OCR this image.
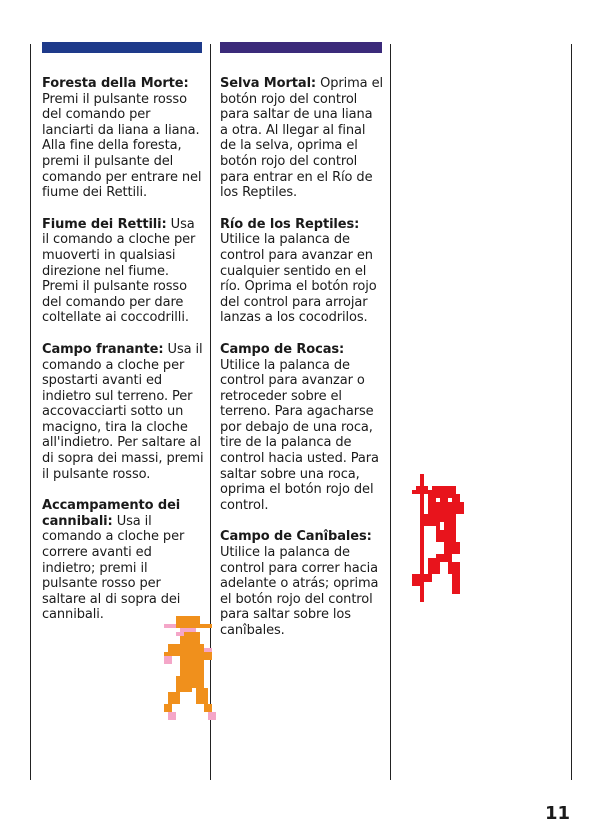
Foresta della Morte: Premi il pulsante rosso del comando per lanciarti da liana a liana. Alla fine della foresta, premi il pulsante del comando per entrare nel fiume dei Rettili.

Fiume dei Rettili: Usa il comando a cloche per muoverti in qualsiasi direzione nel fiume. Premi il pulsante rosso del comando per dare coltellate ai coccodrilli.

Campo franante: Usa il comando a cloche per spostarti avanti ed indietro sul terreno. Per accovacciarti sotto un macigno, tira la cloche all'indietro. Per saltare al di sopra dei massi, premi il pulsante rosso.

Accampamento dei cannibali: Usa il comando a cloche per correre avanti ed indietro; premi il pulsante rosso per saltare al di sopra dei cannibali.

Selva Mortal: Oprima el botón rojo del control para saltar de una liana a otra. Al llegar al final de la selva, oprima el botón rojo del control para entrar en el Río de los Reptiles.

Río de los Reptiles: Utilice la palanca de control para avanzar en cualquier sentido en el río. Oprima el botón rojo del control para arrojar lanzas a los cocodrilos.

Campo de Rocas: Utilice la palanca de control para avanzar o retroceder sobre el terreno. Para agacharse por debajo de una roca, tire de la palanca de control hacia usted. Para saltar sobre una roca, oprima el botón rojo del control.

Campo de Canîbales: Utilice la palanca de control para correr hacia adelante o atrás; oprima el botón rojo del control para saltar sobre los canîbales.

11
